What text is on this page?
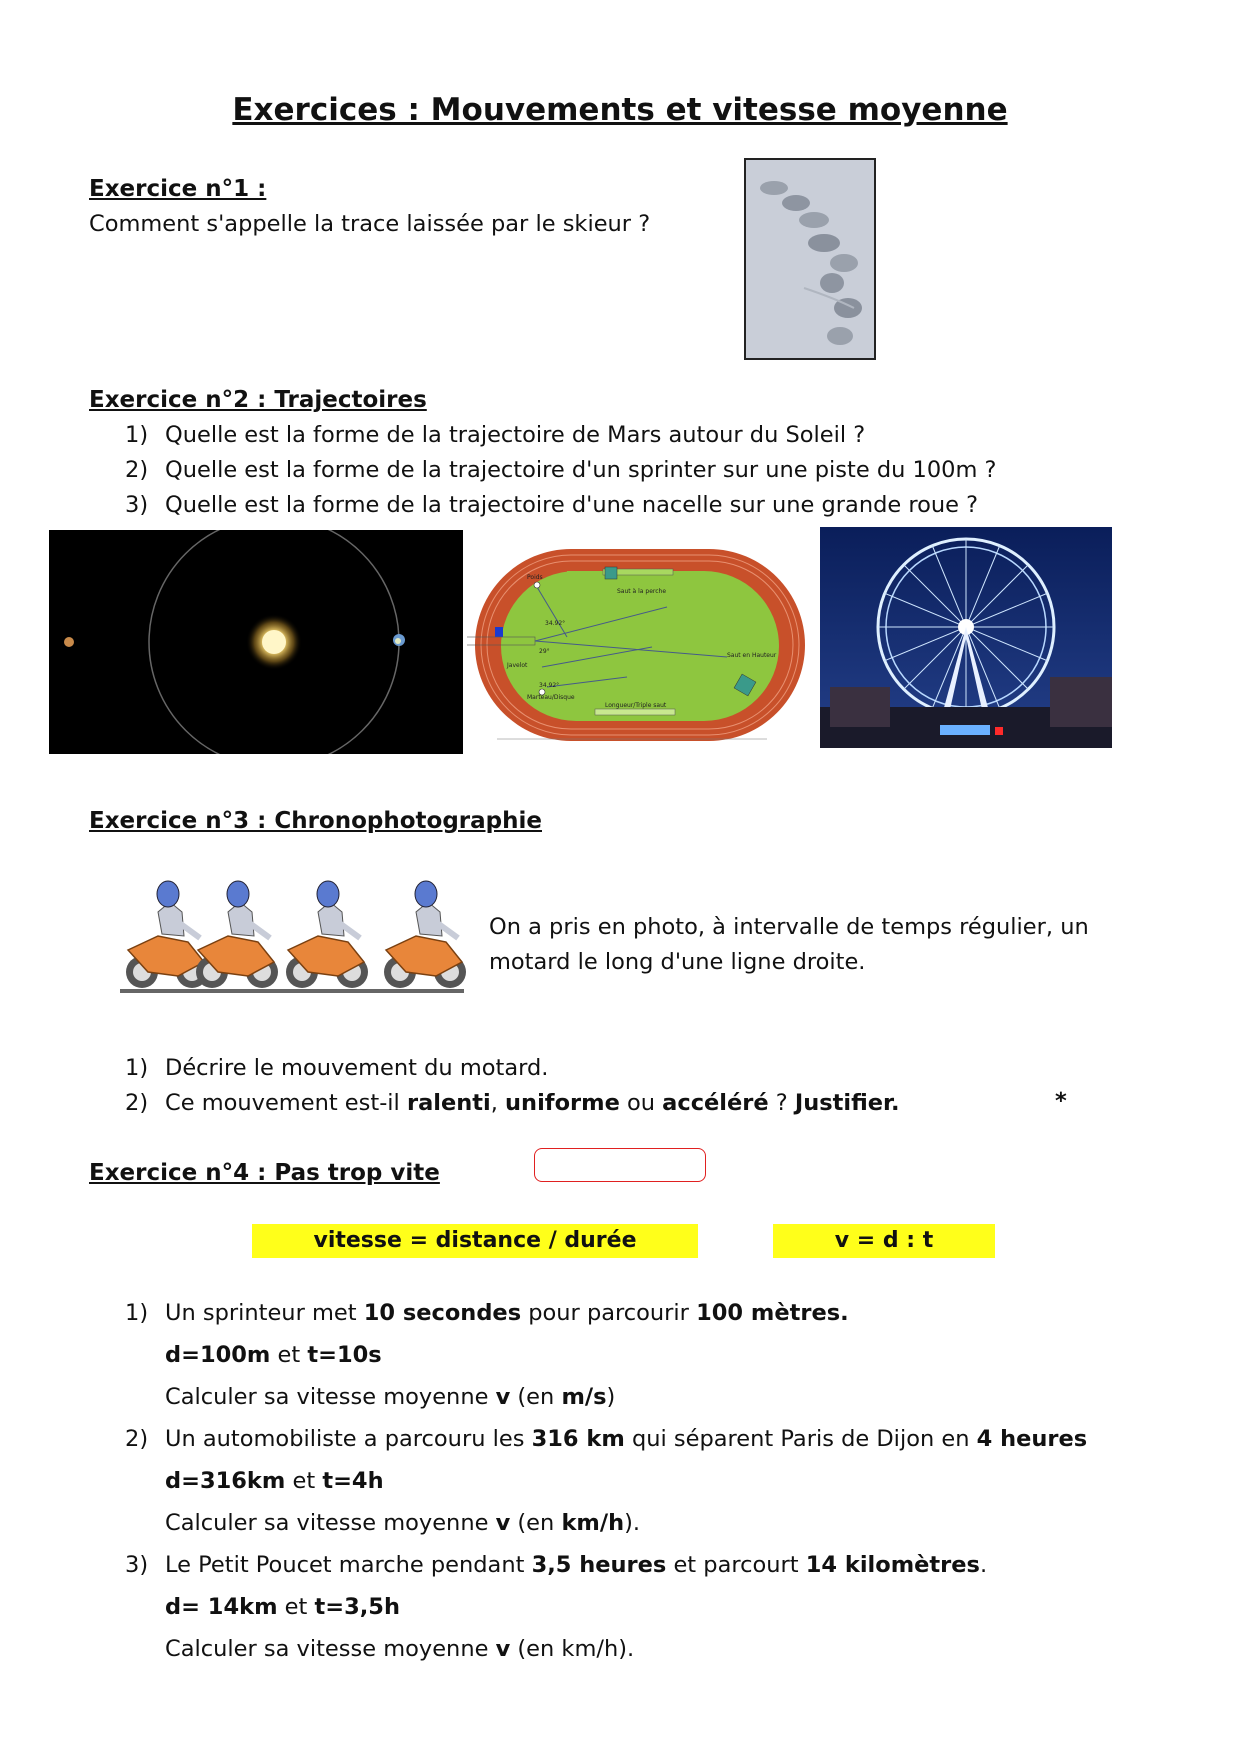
Exercices : Mouvements et vitesse moyenne
Exercice n°1 :
Comment s'appelle la trace laissée par le skieur ?
Exercice n°2 : Trajectoires
1) Quelle est la forme de la trajectoire de Mars autour du Soleil ?
2) Quelle est la forme de la trajectoire d'un sprinter sur une piste du 100m ?
3) Quelle est la forme de la trajectoire d'une nacelle sur une grande roue ?
Poids
Saut à la perche
34.92°
29°
Javelot
34.92°
Marteau/Disque
Longueur/Triple saut
Saut en Hauteur
Exercice n°3 : Chronophotographie
On a pris en photo, à intervalle de temps régulier, un
motard le long d'une ligne droite.
1) Décrire le mouvement du motard.
2) Ce mouvement est-il ralenti, uniforme ou accéléré ? Justifier.	*
Exercice n°4 : Pas trop vite
vitesse = distance / durée	v = d : t
1) Un sprinteur met 10 secondes pour parcourir 100 mètres.
d=100m et t=10s
Calculer sa vitesse moyenne v (en m/s)
2) Un automobiliste a parcouru les 316 km qui séparent Paris de Dijon en 4 heures
d=316km et t=4h
Calculer sa vitesse moyenne v (en km/h).
3) Le Petit Poucet marche pendant 3,5 heures et parcourt 14 kilomètres.
d= 14km et t=3,5h
Calculer sa vitesse moyenne v (en km/h).
